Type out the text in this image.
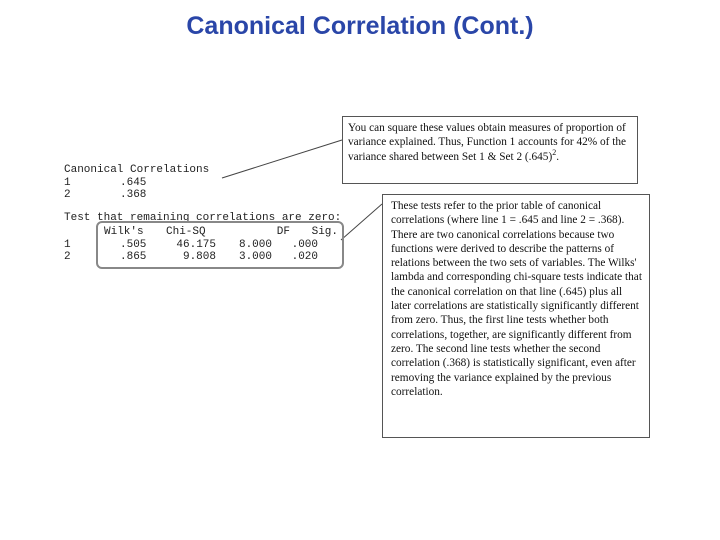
Canonical Correlation (Cont.)
Canonical Correlations
1	.645
2	.368
Test that remaining correlations are zero:
Wilk's Chi-SQ	DF Sig.
1	.505	46.175 8.000 .000
2	.865	9.808 3.000 .020
You can square these values obtain measures of proportion of variance explained. Thus, Function 1 accounts for 42% of the variance shared between Set 1 & Set 2 $(.645)^2$.
These tests refer to the prior table of canonical correlations (where line 1 = .645 and line 2 = .368). There are two canonical correlations because two functions were derived to describe the patterns of relations between the two sets of variables. The Wilks' lambda and corresponding chi-square tests indicate that the canonical correlation on that line (.645) plus all later correlations are statistically significantly different from zero. Thus, the first line tests whether both correlations, together, are significantly different from zero. The second line tests whether the second correlation (.368) is statistically significant, even after removing the variance explained by the previous correlation.
